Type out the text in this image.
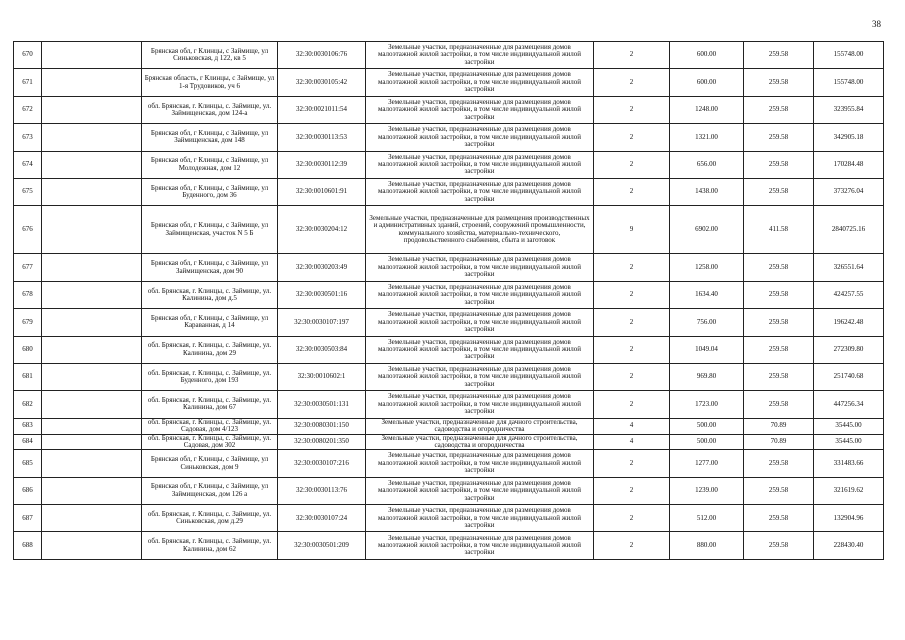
38
670		Брянская обл, г Клинцы, с Займище, ул Синьковская, д 122, кв 5	32:30:0030106:76	Земельные участки, предназначенные для размещения домов малоэтажной жилой застройки, в том числе индивидуальной жилой застройки	2	600.00	259.58	155748.00
671		Брянская область, г Клинцы, с Займище, ул 1-я Трудовиков, уч 6	32:30:0030105:42	Земельные участки, предназначенные для размещения домов малоэтажной жилой застройки, в том числе индивидуальной жилой застройки	2	600.00	259.58	155748.00
672		обл. Брянская, г. Клинцы, с. Займище, ул. Займищенская, дом 124-а	32:30:0021011:54	Земельные участки, предназначенные для размещения домов малоэтажной жилой застройки, в том числе индивидуальной жилой застройки	2	1248.00	259.58	323955.84
673		Брянская обл, г Клинцы, с Займище, ул Займищенская, дом 148	32:30:0030113:53	Земельные участки, предназначенные для размещения домов малоэтажной жилой застройки, в том числе индивидуальной жилой застройки	2	1321.00	259.58	342905.18
674		Брянская обл, г Клинцы, с Займище, ул Молодежная, дом 12	32:30:0030112:39	Земельные участки, предназначенные для размещения домов малоэтажной жилой застройки, в том числе индивидуальной жилой застройки	2	656.00	259.58	170284.48
675		Брянская обл, г Клинцы, с Займище, ул Буденного, дом 36	32:30:0010601:91	Земельные участки, предназначенные для размещения домов малоэтажной жилой застройки, в том числе индивидуальной жилой застройки	2	1438.00	259.58	373276.04
676		Брянская обл, г Клинцы, с Займище, ул Займищенская, участок N 5 Б	32:30:0030204:12	Земельные участки, предназначенные для размещения производственных и административных зданий, строений, сооружений промышленности, коммунального хозяйства, материально-технического, продовольственного снабжения, сбыта и заготовок	9	6902.00	411.58	2840725.16
677		Брянская обл, г Клинцы, с Займище, ул Займищенская, дом 90	32:30:0030203:49	Земельные участки, предназначенные для размещения домов малоэтажной жилой застройки, в том числе индивидуальной жилой застройки	2	1258.00	259.58	326551.64
678		обл. Брянская, г. Клинцы, с. Займище, ул. Калинина, дом д.5	32:30:0030501:16	Земельные участки, предназначенные для размещения домов малоэтажной жилой застройки, в том числе индивидуальной жилой застройки	2	1634.40	259.58	424257.55
679		Брянская обл, г Клинцы, с Займище, ул Караванная, д 14	32:30:0030107:197	Земельные участки, предназначенные для размещения домов малоэтажной жилой застройки, в том числе индивидуальной жилой застройки	2	756.00	259.58	196242.48
680		обл. Брянская, г. Клинцы, с. Займище, ул. Калинина, дом 29	32:30:0030503:84	Земельные участки, предназначенные для размещения домов малоэтажной жилой застройки, в том числе индивидуальной жилой застройки	2	1049.04	259.58	272309.80
681		обл. Брянская, г. Клинцы, с. Займище, ул. Буденного, дом 193	32:30:0010602:1	Земельные участки, предназначенные для размещения домов малоэтажной жилой застройки, в том числе индивидуальной жилой застройки	2	969.80	259.58	251740.68
682		обл. Брянская, г. Клинцы, с. Займище, ул. Калинина, дом 67	32:30:0030501:131	Земельные участки, предназначенные для размещения домов малоэтажной жилой застройки, в том числе индивидуальной жилой застройки	2	1723.00	259.58	447256.34
683		обл. Брянская, г. Клинцы, с. Займище, ул. Садовая, дом 4/123	32:30:0080301:150	Земельные участки, предназначенные для дачного строительства, садоводства и огородничества	4	500.00	70.89	35445.00
684		обл. Брянская, г. Клинцы, с. Займище, ул. Садовая, дом 302	32:30:0080201:350	Земельные участки, предназначенные для дачного строительства, садоводства и огородничества	4	500.00	70.89	35445.00
685		Брянская обл, г Клинцы, с Займище, ул Синьковская, дом 9	32:30:0030107:216	Земельные участки, предназначенные для размещения домов малоэтажной жилой застройки, в том числе индивидуальной жилой застройки	2	1277.00	259.58	331483.66
686		Брянская обл, г Клинцы, с Займище, ул Займищенская, дом 126 а	32:30:0030113:76	Земельные участки, предназначенные для размещения домов малоэтажной жилой застройки, в том числе индивидуальной жилой застройки	2	1239.00	259.58	321619.62
687		обл. Брянская, г. Клинцы, с. Займище, ул. Синьковская, дом д.29	32:30:0030107:24	Земельные участки, предназначенные для размещения домов малоэтажной жилой застройки, в том числе индивидуальной жилой застройки	2	512.00	259.58	132904.96
688		обл. Брянская, г. Клинцы, с. Займище, ул. Калинина, дом 62	32:30:0030501:209	Земельные участки, предназначенные для размещения домов малоэтажной жилой застройки, в том числе индивидуальной жилой застройки	2	880.00	259.58	228430.40
